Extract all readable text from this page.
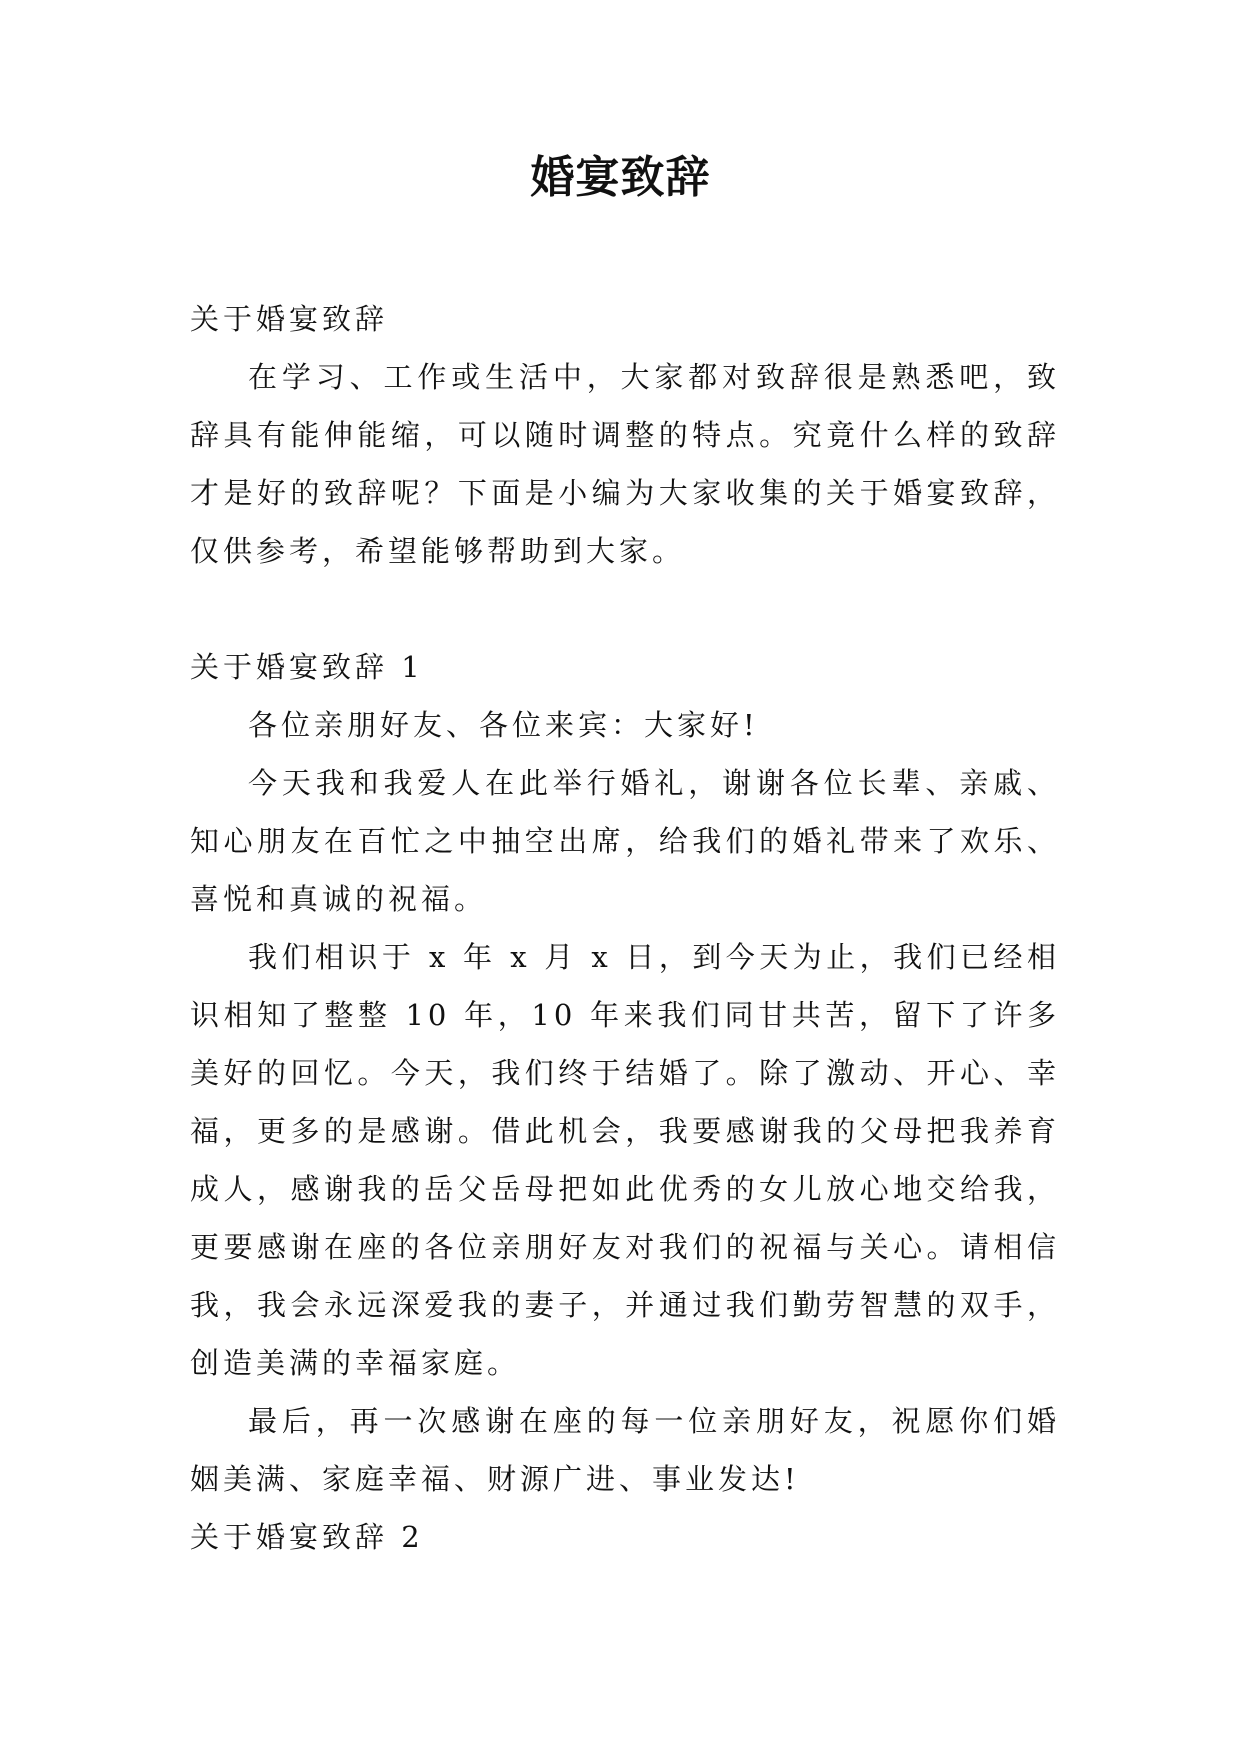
婚宴致辞

关于婚宴致辞

在学习、工作或生活中，大家都对致辞很是熟悉吧，致辞具有能伸能缩，可以随时调整的特点。究竟什么样的致辞才是好的致辞呢？下面是小编为大家收集的关于婚宴致辞，仅供参考，希望能够帮助到大家。

关于婚宴致辞 1

各位亲朋好友、各位来宾：大家好!

今天我和我爱人在此举行婚礼，谢谢各位长辈、亲戚、知心朋友在百忙之中抽空出席，给我们的婚礼带来了欢乐、喜悦和真诚的祝福。

我们相识于 x 年 x 月 x 日，到今天为止，我们已经相识相知了整整 10 年，10 年来我们同甘共苦，留下了许多美好的回忆。今天，我们终于结婚了。除了激动、开心、幸福，更多的是感谢。借此机会，我要感谢我的父母把我养育成人，感谢我的岳父岳母把如此优秀的女儿放心地交给我，更要感谢在座的各位亲朋好友对我们的祝福与关心。请相信我，我会永远深爱我的妻子，并通过我们勤劳智慧的双手，创造美满的幸福家庭。

最后，再一次感谢在座的每一位亲朋好友，祝愿你们婚姻美满、家庭幸福、财源广进、事业发达!

关于婚宴致辞 2
